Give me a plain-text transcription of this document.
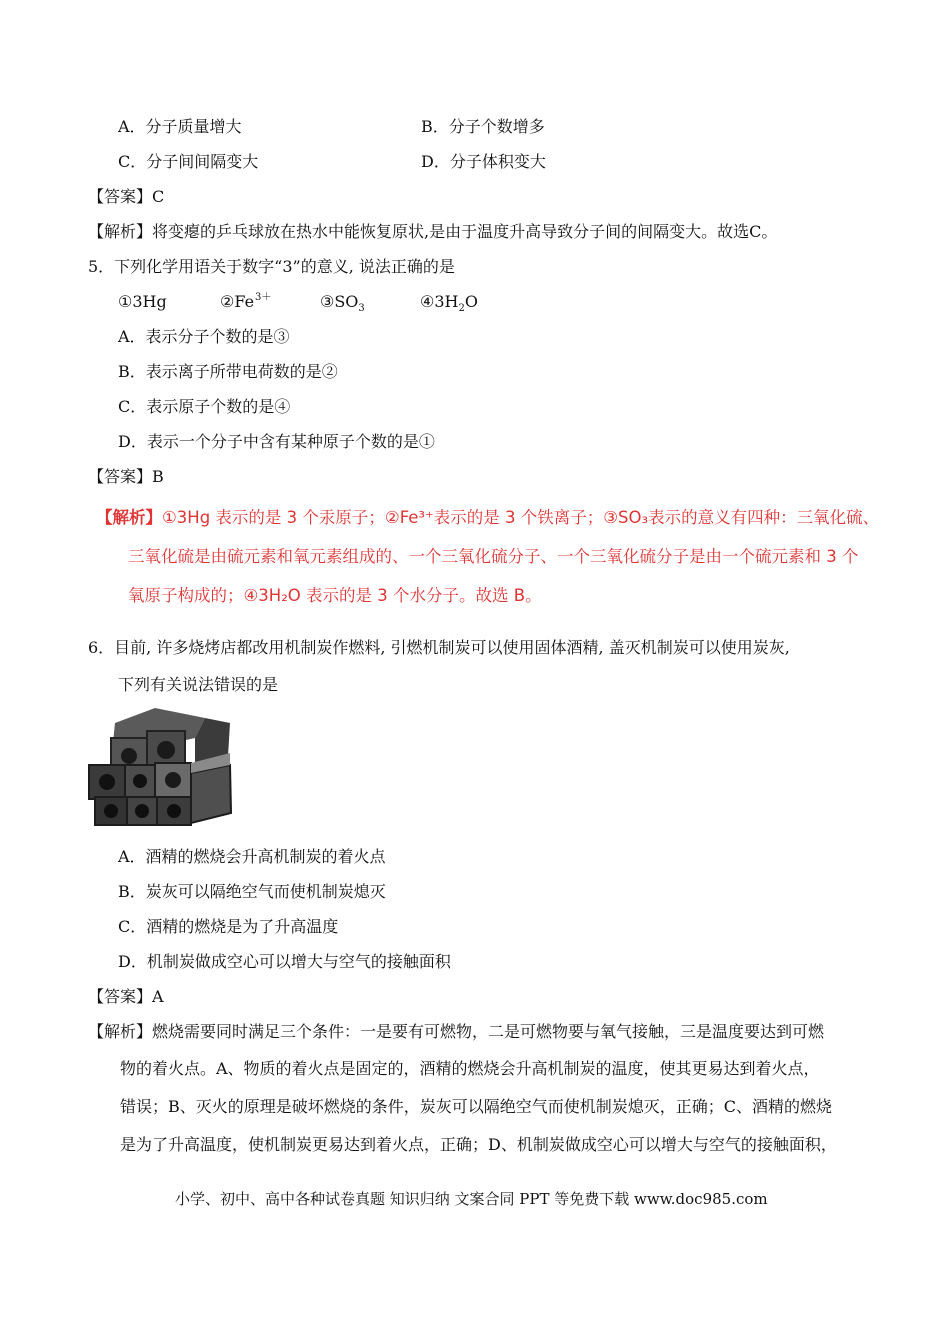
A．分子质量增大	B．分子个数增多
C．分子间间隔变大	D．分子体积变大
【答案】C
【解析】将变瘪的乒乓球放在热水中能恢复原状,是由于温度升高导致分子间的间隔变大。故选C。
5．下列化学用语关于数字“3”的意义, 说法正确的是
①3Hg	$②Fe^{3+}$	$③SO_3$	$④3H_2O$
A．表示分子个数的是③
B．表示离子所带电荷数的是②
C．表示原子个数的是④
D．表示一个分子中含有某种原子个数的是①
【答案】B
【解析】①3Hg 表示的是 3 个汞原子；②Fe³⁺表示的是 3 个铁离子；③SO₃表示的意义有四种：三氧化硫、
三氧化硫是由硫元素和氧元素组成的、一个三氧化硫分子、一个三氧化硫分子是由一个硫元素和 3 个
氧原子构成的；④3H₂O 表示的是 3 个水分子。故选 B。
6．目前, 许多烧烤店都改用机制炭作燃料, 引燃机制炭可以使用固体酒精, 盖灭机制炭可以使用炭灰,
下列有关说法错误的是
A．酒精的燃烧会升高机制炭的着火点
B．炭灰可以隔绝空气而使机制炭熄灭
C．酒精的燃烧是为了升高温度
D．机制炭做成空心可以增大与空气的接触面积
【答案】A
【解析】燃烧需要同时满足三个条件：一是要有可燃物，二是可燃物要与氧气接触，三是温度要达到可燃
物的着火点。A、物质的着火点是固定的，酒精的燃烧会升高机制炭的温度，使其更易达到着火点，
错误；B、灭火的原理是破坏燃烧的条件，炭灰可以隔绝空气而使机制炭熄灭，正确；C、酒精的燃烧
是为了升高温度，使机制炭更易达到着火点，正确；D、机制炭做成空心可以增大与空气的接触面积，
小学、初中、高中各种试卷真题 知识归纳 文案合同 PPT 等免费下载 www.doc985.com
